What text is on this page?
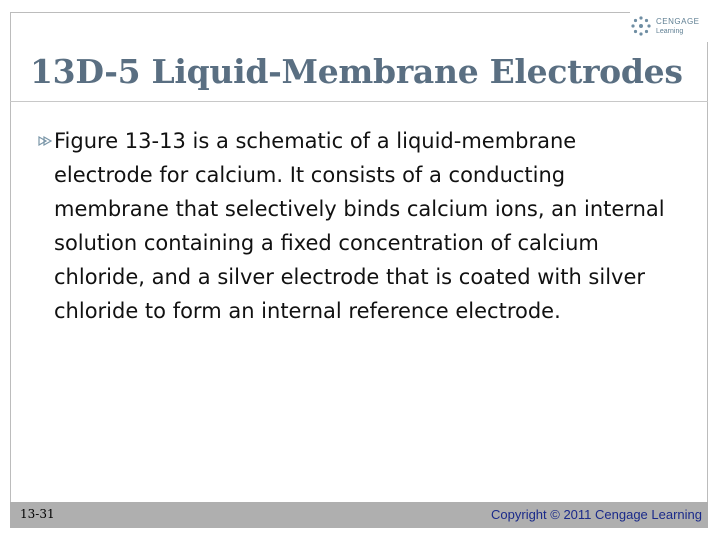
CENGAGE
Learning
13D-5 Liquid-Membrane Electrodes
Figure 13-13 is a schematic of a liquid-membrane electrode for calcium. It consists of a conducting membrane that selectively binds calcium ions, an internal solution containing a fixed concentration of calcium chloride, and a silver electrode that is coated with silver chloride to form an internal reference electrode.
13-31	Copyright © 2011 Cengage Learning
